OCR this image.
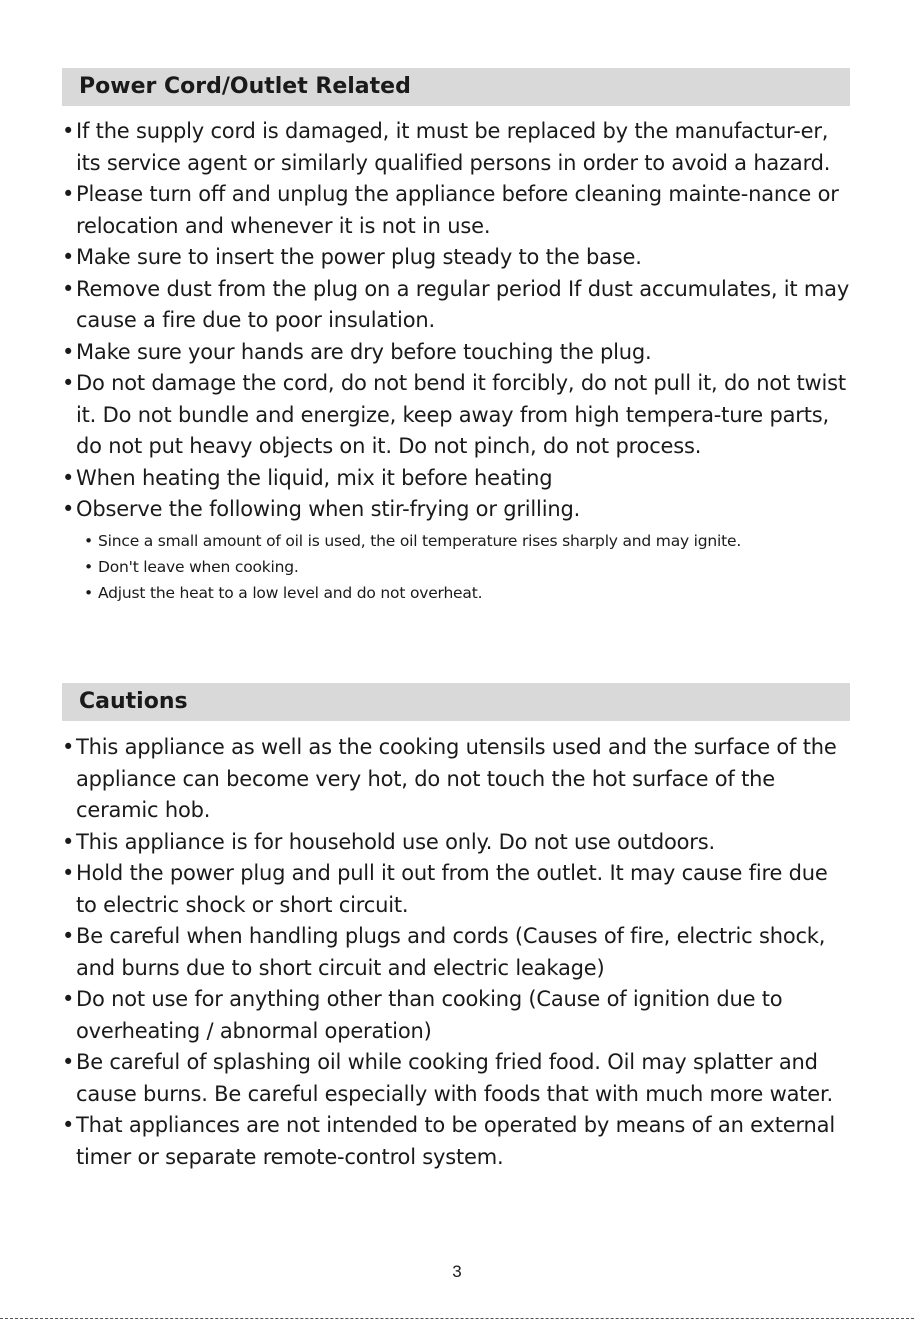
Power Cord/Outlet Related
• If the supply cord is damaged, it must be replaced by the manufactur-er, its service agent or similarly qualified persons in order to avoid a hazard.
• Please turn off and unplug the appliance before cleaning mainte-nance or relocation and whenever it is not in use.
• Make sure to insert the power plug steady to the base.
• Remove dust from the plug on a regular period If dust accumulates, it may cause a fire due to poor insulation.
• Make sure your hands are dry before touching the plug.
• Do not damage the cord, do not bend it forcibly, do not pull it, do not twist it. Do not bundle and energize, keep away from high tempera-ture parts, do not put heavy objects on it. Do not pinch, do not process.
• When heating the liquid, mix it before heating
• Observe the following when stir-frying or grilling.
• Since a small amount of oil is used, the oil temperature rises sharply and may ignite.
• Don't leave when cooking.
• Adjust the heat to a low level and do not overheat.
Cautions
• This appliance as well as the cooking utensils used and the surface of the appliance can become very hot, do not touch the hot surface of the ceramic hob.
• This appliance is for household use only. Do not use outdoors.
• Hold the power plug and pull it out from the outlet. It may cause fire due to electric shock or short circuit.
• Be careful when handling plugs and cords (Causes of fire, electric shock, and burns due to short circuit and electric leakage)
• Do not use for anything other than cooking (Cause of ignition due to overheating / abnormal operation)
• Be careful of splashing oil while cooking fried food. Oil may splatter and cause burns. Be careful especially with foods that with much more water.
• That appliances are not intended to be operated by means of an external timer or separate remote-control system.
3
